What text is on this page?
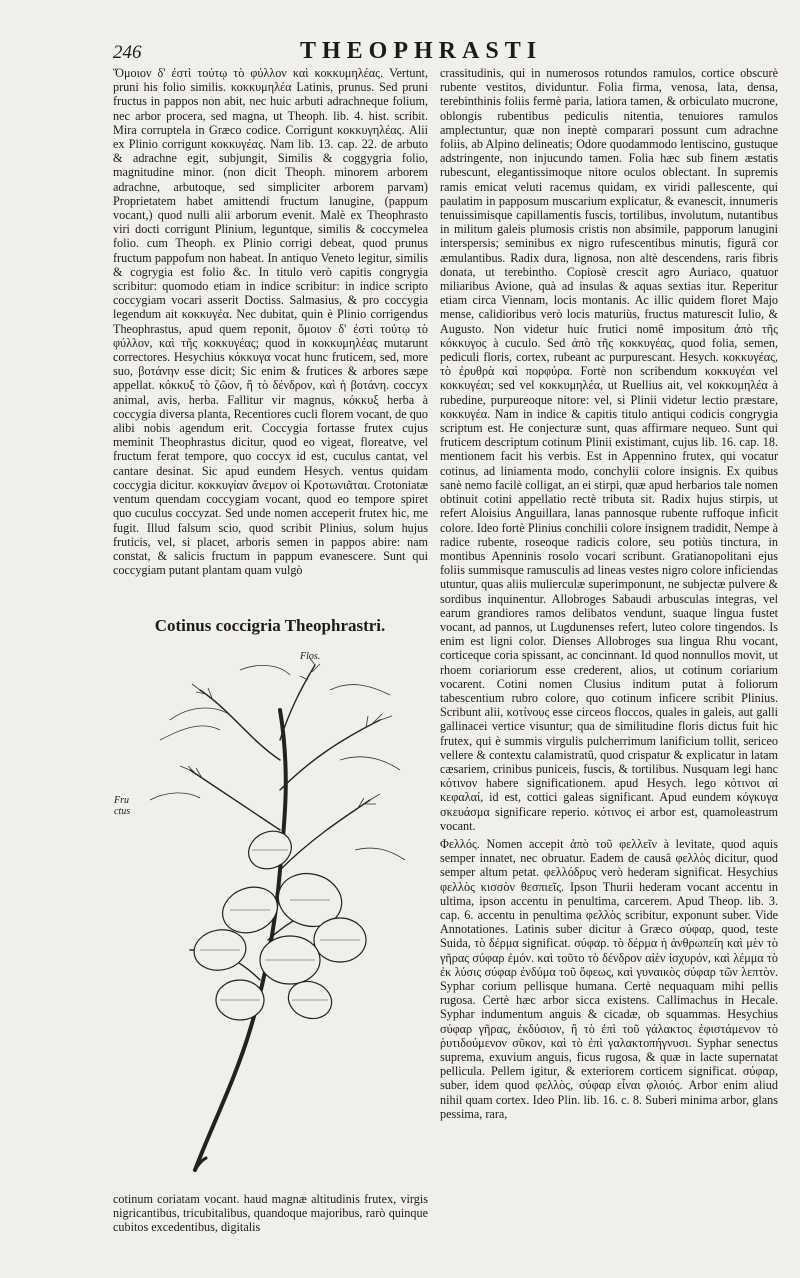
246	THEOPHRASTI

Ὅμοιον δ' ἐστὶ τούτῳ τὸ φύλλον καὶ κοκκυμηλέας. Vertunt, pruni his folio similis. κοκκυμηλέα Latinis, prunus. Sed pruni fructus in pappos non abit, nec huic arbuti adrachneque folium, nec arbor procera, sed magna, ut Theoph. lib. 4. hist. scribit. Mira corruptela in Græco codice. Corrigunt κοκκυγηλέας. Alii ex Plinio corrigunt κοκκυγέας. Nam lib. 13. cap. 22. de arbuto & adrachne egit, subjungit, Similis & coggygria folio, magnitudine minor. (non dicit Theoph. minorem arborem adrachne, arbutoque, sed simpliciter arborem parvam) Proprietatem habet amittendi fructum lanugine, (pappum vocant,) quod nulli alii arborum evenit. Malè ex Theophrasto viri docti corrigunt Plinium, leguntque, similis & coccymelea folio. cum Theoph. ex Plinio corrigi debeat, quod prunus fructum pappofum non habeat. In antiquo Veneto legitur, similis & cogrygia est folio &c. In titulo verò capitis congrygia scribitur: quomodo etiam in indice scribitur: in indice scripto coccygiam vocari asserit Doctiss. Salmasius, & pro coccygia legendum ait κοκκυγέα. Nec dubitat, quin è Plinio corrigendus Theophrastus, apud quem reponit, ὅμοιον δ' ἐστὶ τούτῳ τὸ φύλλον, καὶ τῆς κοκκυγέας; quod in κοκκυμηλέας mutarunt correctores. Hesychius κόκκυγα vocat hunc fruticem, sed, more suo, βοτάνην esse dicit; Sic enim & frutices & arbores sæpe appellat. κόκκυξ τὸ ζῶον, ἢ τὸ δένδρον, καὶ ἡ βοτάνη. coccyx animal, avis, herba. Fallitur vir magnus, κόκκυξ herba à coccygia diversa planta, Recentiores cucli florem vocant, de quo alibi nobis agendum erit. Coccygia fortasse frutex cujus meminit Theophrastus dicitur, quod eo vigeat, floreatve, vel fructum ferat tempore, quo coccyx id est, cuculus cantat, vel cantare desinat. Sic apud eundem Hesych. ventus quidam coccygia dicitur. κοκκυγίαν ἄνεμον οἱ Κροτωνιᾶται. Crotoniatæ ventum quendam coccygiam vocant, quod eo tempore spiret quo cuculus coccyzat. Sed unde nomen acceperit frutex hic, me fugit. Illud falsum scio, quod scribit Plinius, solum hujus fruticis, vel, si placet, arboris semen in pappos abire: nam constat, & salicis fructum in pappum evanescere. Sunt qui coccygiam putant plantam quam vulgò

Cotinus coccigria Theophrastri.
Flos.
Fru
ctus
cotinum coriatam vocant. haud magnæ altitudinis frutex, virgis nigricantibus, tricubitalibus, quandoque majoribus, rarò quinque cubitos excedentibus, digitalis

crassitudinis, qui in numerosos rotundos ramulos, cortice obscurè rubente vestitos, dividuntur. Folia firma, venosa, lata, densa, terebinthinis foliis fermè paria, latiora tamen, & orbiculato mucrone, oblongis rubentibus pediculis nitentia, tenuiores ramulos amplectuntur, quæ non ineptè comparari possunt cum adrachne foliis, ab Alpino delineatis; Odore quodammodo lentiscino, gustuque adstringente, non injucundo tamen. Folia hæc sub finem æstatis rubescunt, elegantissimoque nitore oculos oblectant. In supremis ramis emicat veluti racemus quidam, ex viridi pallescente, qui paulatim in papposum muscarium explicatur, & evanescit, innumeris tenuissimisque capillamentis fuscis, tortilibus, involutum, nutantibus in militum galeis plumosis cristis non absimile, papporum lanugini interspersis; seminibus ex nigro rufescentibus minutis, figurâ cor æmulantibus. Radix dura, lignosa, non altè descendens, raris fibris donata, ut terebintho. Copiosè crescit agro Auriaco, quatuor miliaribus Avione, quà ad insulas & aquas sextias itur. Reperitur etiam circa Viennam, locis montanis. Ac illic quidem floret Majo mense, calidioribus verò locis maturiùs, fructus maturescit Iulio, & Augusto. Non videtur huic frutici nomê impositum ἀπὸ τῆς κόκκυγος à cuculo. Sed ἀπὸ τῆς κοκκυγέας, quod folia, semen, pediculi floris, cortex, rubeant ac purpurescant. Hesych. κοκκυγέας, τὸ ἐρυθρὰ καὶ πορφύρα. Fortè non scribendum κοκκυγέαι vel κοκκυγέαι; sed vel κοκκυμηλέα, ut Ruellius ait, vel κοκκυμηλέα à rubedine, purpureoque nitore: vel, si Plinii videtur lectio præstare, κοκκυγέα. Nam in indice & capitis titulo antiqui codicis congrygia scriptum est. He conjecturæ sunt, quas affirmare nequeo. Sunt qui fruticem descriptum cotinum Plinii existimant, cujus lib. 16. cap. 18. mentionem facit his verbis. Est in Appennino frutex, qui vocatur cotinus, ad liniamenta modo, conchylii colore insignis. Ex quibus sanè nemo facilè colligat, an ei stirpi, quæ apud herbarios tale nomen obtinuit cotini appellatio rectè tributa sit. Radix hujus stirpis, ut refert Aloisius Anguillara, lanas pannosque rubente ruffoque inficit colore. Ideo fortè Plinius conchilii colore insignem tradidit, Nempe à radice rubente, roseoque radicis colore, seu potiùs tinctura, in montibus Apenninis rosolo vocari scribunt. Gratianopolitani ejus foliis summisque ramusculis ad lineas vestes nigro colore inficiendas utuntur, quas aliis mulierculæ superimponunt, ne subjectæ pulvere & sordibus inquinentur. Allobroges Sabaudi arbusculas integras, vel earum grandiores ramos delibatos vendunt, suaque lingua fustet vocant, ad pannos, ut Lugdunenses refert, luteo colore tingendos. Is enim est ligni color. Dienses Allobroges sua lingua Rhu vocant, corticeque coria spissant, ac concinnant. Id quod nonnullos movit, ut rhoem coriariorum esse crederent, alios, ut cotinum coriarium vocarent. Cotini nomen Clusius inditum putat à foliorum tabescentium rubro colore, quo cotinum inficere scribit Plinius. Scribunt alii, κοτίνους esse circeos floccos, quales in galeis, aut galli gallinacei vertice visuntur; qua de similitudine floris dictus fuit hic frutex, qui è summis virgulis pulcherrimum lanificium tollit, sericeo vellere & contextu calamistratû, quod crispatur & explicatur in latam cæsariem, crinibus puniceis, fuscis, & tortilibus. Nusquam legi hanc κότινον habere significationem. apud Hesych. lego κότινοι αἱ κεφαλαί, id est, cottici galeas significant. Apud eundem κόγκυγα σκευάσμα significare reperio. κότινος ei arbor est, quamoleastrum vocant.

Φελλός. Nomen accepit ἀπὸ τοῦ φελλεῖν à levitate, quod aquis semper innatet, nec obruatur. Eadem de causâ φελλὸς dicitur, quod semper altum petat. φελλόδρυς verò hederam significat. Hesychius φελλὸς κισσὸν θεσπιεῖς. Ipson Thurii hederam vocant accentu in ultima, ipson accentu in penultima, carcerem. Apud Theop. lib. 3. cap. 6. accentu in penultima φελλὸς scribitur, exponunt suber. Vide Annotationes. Latinis suber dicitur à Græco σύφαρ, quod, teste Suida, τὸ δέρμα significat. σύφαρ. τὸ δέρμα ἡ ἀνθρωπείη καὶ μὲν τὸ γῆρας σύφαρ ἐμόν. καὶ τοῦτο τὸ δένδρον αἰὲν ἰσχυρόν, καὶ λέμμα τὸ ἐκ λύσις σύφαρ ἐνδύμα τοῦ ὄφεως, καὶ γυναικὸς σύφαρ τῶν λεπτὸν. Syphar corium pellisque humana. Certè nequaquam mihi pellis rugosa. Certè hæc arbor sicca existens. Callimachus in Hecale. Syphar indumentum anguis & cicadæ, ob squammas. Hesychius σύφαρ γῆρας, ἐκδύσιον, ἢ τὸ ἐπὶ τοῦ γάλακτος ἐφιστάμενον τὸ ῥυτιδούμενον σῦκον, καὶ τὸ ἐπὶ γαλακτοπήγνυσι. Syphar senectus suprema, exuvium anguis, ficus rugosa, & quæ in lacte supernatat pellicula. Pellem igitur, & exteriorem corticem significat. σύφαρ, suber, idem quod φελλὸς, σύφαρ εἶναι φλοιός. Arbor enim aliud nihil quam cortex. Ideo Plin. lib. 16. c. 8. Suberi minima arbor, glans pessima, rara,
